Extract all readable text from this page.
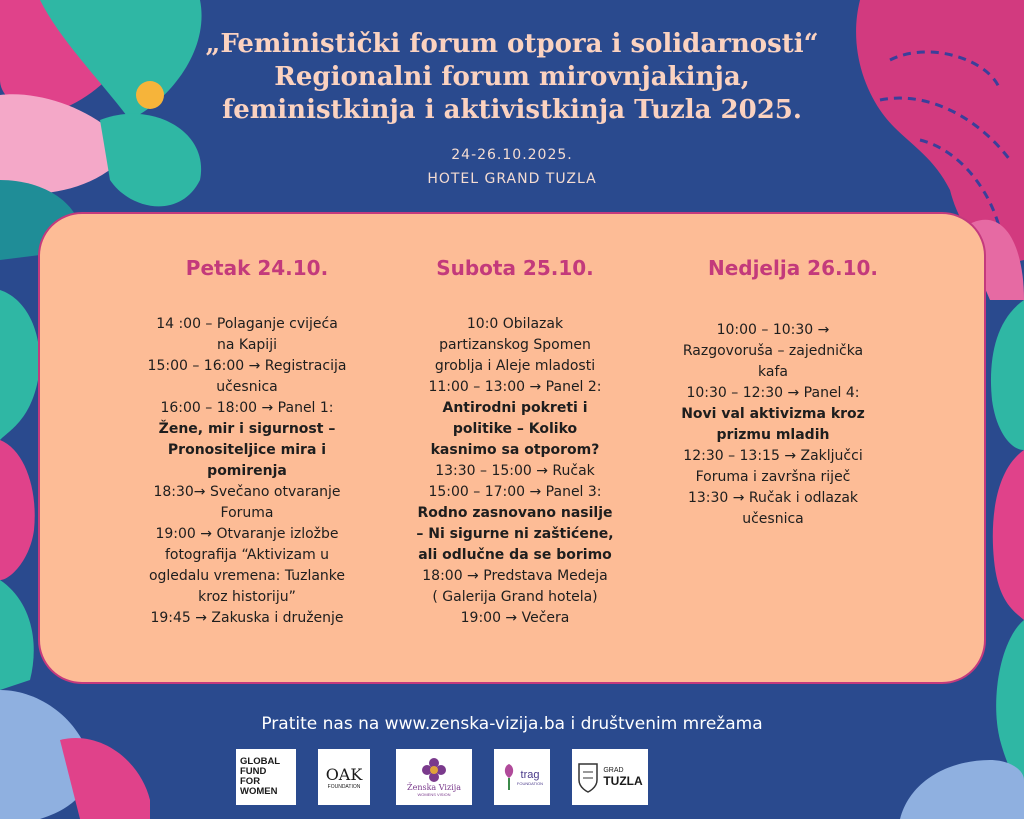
„Feministički forum otpora i solidarnosti“

Regionalni forum mirovnjakinja,

feministkinja i aktivistkinja Tuzla 2025.

24-26.10.2025.
HOTEL GRAND TUZLA
Petak 24.10.
14 :00 – Polaganje cvijeća
na Kapiji
15:00 – 16:00 → Registracija
učesnica
16:00 – 18:00 → Panel 1:
Žene, mir i sigurnost –
Pronositeljice mira i
pomirenja
18:30→ Svečano otvaranje
Foruma
19:00 → Otvaranje izložbe
fotografija “Aktivizam u
ogledalu vremena: Tuzlanke
kroz historiju”
19:45 → Zakuska i druženje
Subota 25.10.
10:0 Obilazak
partizanskog Spomen
groblja i Aleje mladosti
11:00 – 13:00 → Panel 2:
Antirodni pokreti i
politike – Koliko
kasnimo sa otporom?
13:30 – 15:00 → Ručak
15:00 – 17:00 → Panel 3:
Rodno zasnovano nasilje
– Ni sigurne ni zaštićene,
ali odlučne da se borimo
18:00 → Predstava Medeja
( Galerija Grand hotela)
19:00 → Večera
Nedjelja 26.10.
10:00 – 10:30 →
Razgovoruša – zajednička
kafa
10:30 – 12:30 → Panel 4:
Novi val aktivizma kroz
prizmu mladih
12:30 – 13:15 → Zaključci
Foruma i završna riječ
13:30 → Ručak i odlazak
učesnica
Pratite nas na www.zenska-vizija.ba i društvenim mrežama
GLOBAL
FUND
FOR
WOMEN
OAK
FOUNDATION	Ženska Vizija
WOMENS VISION
trag
FOUNDATION
GRAD
TUZLA
